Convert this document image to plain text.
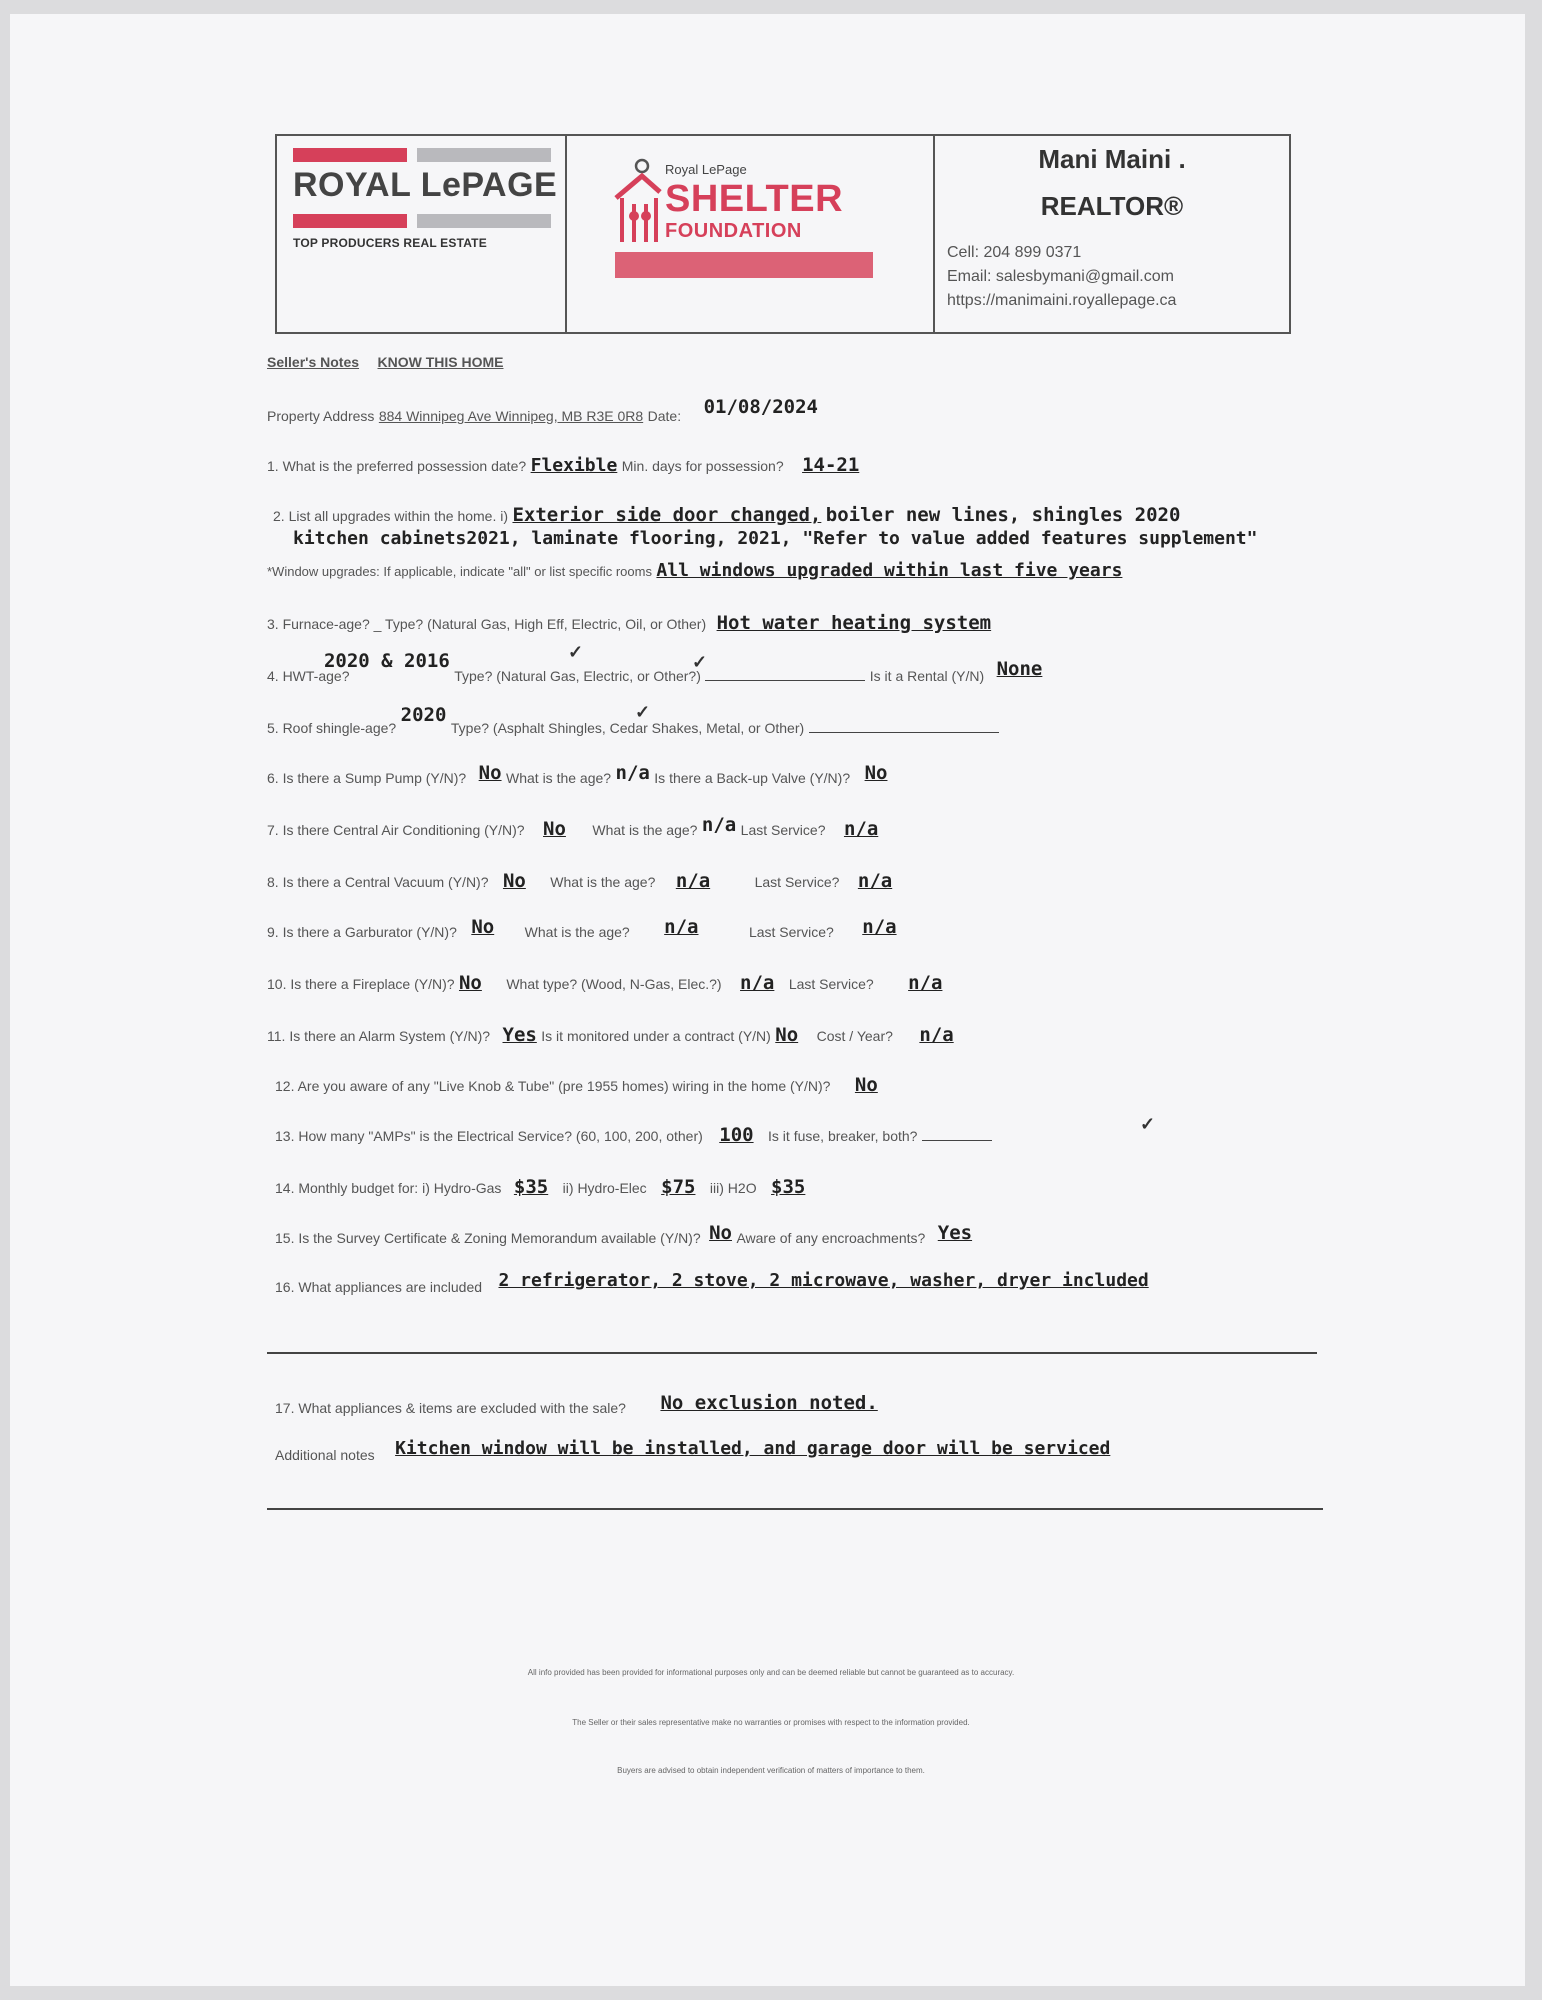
ROYAL LePAGE
TOP PRODUCERS REAL ESTATE
Royal LePage
SHELTER
FOUNDATION
Mani Maini .
REALTOR®
Cell: 204 899 0371
Email: salesbymani@gmail.com
https://manimaini.royallepage.ca
Seller's Notes KNOW THIS HOME
Property Address 884 Winnipeg Ave Winnipeg, MB R3E 0R8 Date: 01/08/2024
1. What is the preferred possession date? Flexible Min. days for possession? 14-21
2. List all upgrades within the home. i) Exterior side door changed, boiler new lines, shingles 2020
kitchen cabinets2021, laminate flooring, 2021, "Refer to value added features supplement"
*Window upgrades: If applicable, indicate "all" or list specific rooms All windows upgraded within last five years
3. Furnace-age? _ Type? (Natural Gas, High Eff, Electric, Oil, or Other) Hot water heating system
4. HWT-age? 2020 & 2016 Type? (Natural Gas, Electric, or Other?)	Is it a Rental (Y/N) None
✓	✓
5. Roof shingle-age? 2020 Type? (Asphalt Shingles, Cedar Shakes, Metal, or Other)
✓
6. Is there a Sump Pump (Y/N)? No What is the age? n/a Is there a Back-up Valve (Y/N)? No
7. Is there Central Air Conditioning (Y/N)? No What is the age? n/a Last Service? n/a
8. Is there a Central Vacuum (Y/N)? No What is the age? n/a	Last Service? n/a
9. Is there a Garburator (Y/N)? No What is the age? n/a	Last Service? n/a
10. Is there a Fireplace (Y/N)? No What type? (Wood, N-Gas, Elec.?) n/a Last Service? n/a
11. Is there an Alarm System (Y/N)? Yes Is it monitored under a contract (Y/N) No Cost / Year? n/a
12. Are you aware of any "Live Knob & Tube" (pre 1955 homes) wiring in the home (Y/N)? No
13. How many "AMPs" is the Electrical Service? (60, 100, 200, other) 100 Is it fuse, breaker, both?
✓
14. Monthly budget for: i) Hydro-Gas $35 ii) Hydro-Elec $75 iii) H2O $35
15. Is the Survey Certificate & Zoning Memorandum available (Y/N)? No Aware of any encroachments? Yes
16. What appliances are included 2 refrigerator, 2 stove, 2 microwave, washer, dryer included
17. What appliances & items are excluded with the sale? No exclusion noted.
Additional notes Kitchen window will be installed, and garage door will be serviced
All info provided has been provided for informational purposes only and can be deemed reliable but cannot be guaranteed as to accuracy.
The Seller or their sales representative make no warranties or promises with respect to the information provided.
Buyers are advised to obtain independent verification of matters of importance to them.
